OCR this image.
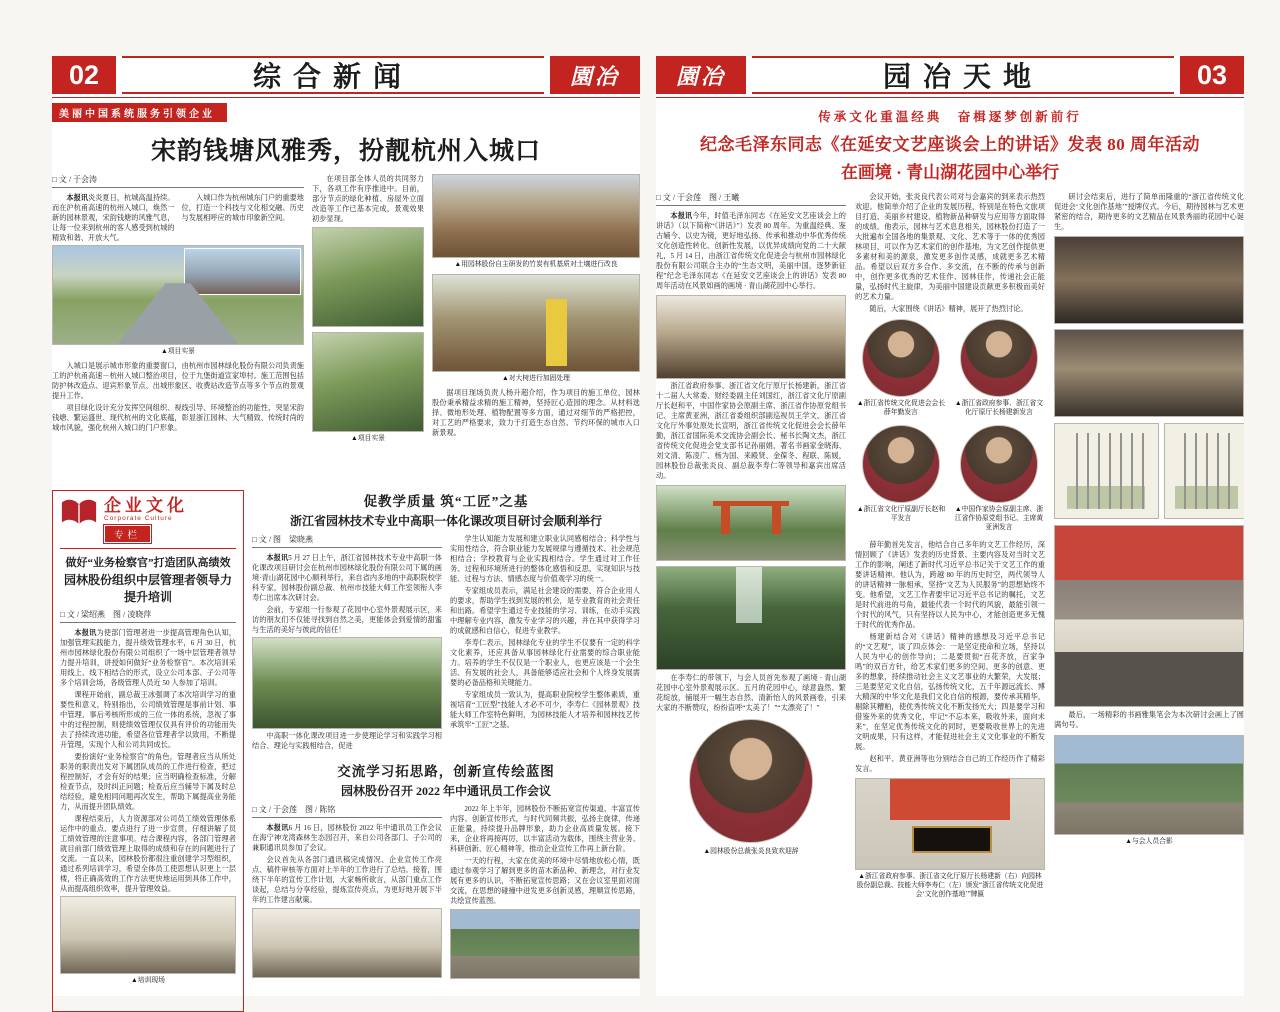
02	综合新闻	園冶
美丽中国系统服务引领企业
宋韵钱塘风雅秀，扮靓杭州入城口
□ 文 / 于会涛

本报讯炎炎夏日，杭城高温持续。而在沪杭甬高速的杭州入城口，焕然一新的园林景观，宋韵钱塘的风雅气息，让每一位来到杭州的客人感受到杭城的精致和谐、开放大气。

入城口作为杭州城东门户的重要地位，打造一个科技与文化相交融、历史与发展相呼应的城市印象新空间。

▲项目实景

入城口是展示城市形象的重要窗口，由杭州市园林绿化股份有限公司负责施工的沪杭甬高速－杭州入城口整治项目，位于九堡街道宣家埠村。施工范围包括防护林改造点、迎宾形象节点、出城形象区、收费站改造节点等多个节点的景观提升工作。

项目绿化设计充分发挥空间组织、视线引导、环境整治的功能性，突显宋韵钱塘、繁运盛世、现代杭州的文化底蕴，彰显浙江园林、大气精致、传统时尚的城市风貌，强化杭州入城口的门户形象。

在项目部全体人员的共同努力下，各项工作有序推进中。目前，部分节点的绿化种植、房屋外立面改造等工作已基本完成，景观效果初步显现。

▲项目实景
▲用园林股份自主研发的竹炭有机基质对土壤进行改良
▲对大树进行加固处理

据项目现场负责人杨升超介绍，作为项目的施工单位，园林股份秉承精益求精的施工精神，坚持匠心造园的理念。从材料选择、微地形处理、植物配置等多方面，通过对细节的严格把控，对工艺的严格要求，致力于打造生态自然、节约环保的城市入口新景观。

企业文化
Corporate Culture
专栏
做好“业务检察官”打造团队高绩效
园林股份组织中层管理者领导力提升培训
□ 文 / 梁绍燕　图 / 凌晓萍

本报讯为使部门管理者进一步提高管理角色认知，加强管理实践能力，提升绩效管理水平，6 月 30 日，杭州市园林绿化股份有限公司组织了一场中层管理者领导力提升培训，讲授如何做好“业务检察官”。本次培训采用线上、线下相结合的形式，设立公司本部、子公司等多个培训会场，各级管理人员近 50 人参加了培训。

课程开始前，副总裁王冰强调了本次培训学习的重要性和意义，特别指出，公司绩效管理是事前计划、事中管理、事后考核所形成的三位一体的系统，忽视了事中的过程控制，则使绩效管理仅仅具有评价的功能而失去了持续改进功能，希望各位管理者学以致用，不断提升管理，实现个人和公司共同成长。

要扮演好“业务检察官”的角色，管理者应当从所处职务的职责出发对下属团队成员的工作进行检查，把过程控制好，才会有好的结果；应当明确检查标准，分解检查节点，及时纠正问题；检查后应当辅导下属及时总结经验，避免相同问题再次发生，帮助下属提高业务能力，从而提升团队绩效。

课程结束后，人力资源部对公司员工绩效管理体系运作中的重点、要点进行了进一步宣贯，仔细讲解了员工绩效管理的注意事项。结合课程内容，各部门管理者就目前部门绩效管理上取得的成绩和存在的问题进行了交流。一直以来，园林股份都很注重创建学习型组织，通过系列培训学习，希望全体员工使思想认识更上一层楼，将正确高效的工作方法更快地运用到具体工作中，从而提高组织效率，提升管理效益。

▲培训现场
促教学质量 筑“工匠”之基
浙江省园林技术专业中高职一体化课改项目研讨会顺利举行
□ 文 / 图　梁晓燕

本报讯5 月 27 日上午，浙江省园林技术专业中高职一体化课改项目研讨会在杭州市园林绿化股份有限公司下属的画境·青山湖花园中心顺利举行，来自省内多地的中高职院校学科专家，园林股份副总裁、杭州市技能大师工作室领衔人李寿仁出席本次研讨会。

会前，专家组一行参观了花园中心室外景观展示区，来访的朋友们不仅能寻找到自然之美，更能体会到爱情的甜蜜与生活的美好与彼此的信任！

中高职一体化课改项目进一步使理论学习和实践学习相结合、理论与实践相结合，促进

学生认知能力发展和建立职业认同感相结合；科学性与实用性结合，符合职业能力发展规律与遵循技术、社会规范相结合；学校教育与企业实践相结合。学生通过对工作任务、过程和环境所进行的整体化感悟和反思，实现知识与技能、过程与方法、情感态度与价值观学习的统一。

专家组成员表示，满足社会建设的需要，符合企业用人的要求，帮助学生找到发展的机会，是专业教育的社会责任和出路。希望学生通过专业技能的学习、训练，在动手实践中理解专业内容，激发专业学习的兴趣，并在其中获得学习的成就感和自信心，促进专业教学。

李寿仁表示，园林绿化专业的学生不仅要有一定的科学文化素养，还应具备从事园林绿化行业需要的综合职业能力。培养的学生不仅仅是一个职业人，也更应该是一个会生活、有发展的社会人，具备能够适应社会和个人终身发展需要的必备品格和关键能力。

专家组成员一致认为，提高职业院校学生整体素质，重视培育“工匠型”技能人才必不可少，李寿仁《园林景观》技能大师工作室特色鲜明，为园林技能人才培养和园林技艺传承筑牢“工匠”之基。

交流学习拓思路，创新宣传绘蓝图
园林股份召开 2022 年中通讯员工作会议
□ 文 / 于会莲　图 / 陈铭

本报讯6 月 16 日，园林股份 2022 年中通讯员工作会议在海宁神龙湾森林生态园召开，来自公司各部门、子公司的兼职通讯员参加了会议。

会议首先从各部门通讯稿完成情况、企业宣传工作亮点、稿件审核等方面对上半年的工作进行了总结。接着，围绕下半年的宣传工作计划，大家畅所欲言，从部门重点工作谈起，总结与分享经验，提炼宣传亮点，为更好地开展下半年的工作建言献策。

2022 年上半年，园林股份不断拓宽宣传渠道、丰富宣传内容、创新宣传形式，与时代同频共振，弘扬主旋律，传递正能量，持续提升品牌形象，助力企业高质量发展。接下来，企业将再接再厉，以丰富活动为载体，围绕主营业务、科研创新、匠心精神等，推动企业宣传工作再上新台阶。

一天的行程，大家在优美的环境中尽情地放松心情，既通过参观学习了解到更多的苗木新品种、新理念，对行业发展有更多的认识，不断拓宽宣传思路；又在会议室里面对面交流，在思想的碰撞中迸发更多创新灵感，理顺宣传思路，共绘宣传蓝图。

園冶	园冶天地	03
传承文化重温经典　奋楫逐梦创新前行
纪念毛泽东同志《在延安文艺座谈会上的讲话》发表 80 周年活动
在画境 · 青山湖花园中心举行
□ 文 / 于会莲　图 / 王曦

本报讯今年，时值毛泽东同志《在延安文艺座谈会上的讲话》（以下简称“《讲话》”）发表 80 周年。为重温经典、鉴古辅今、以史为镜，更好地弘扬、传承和推动中华优秀传统文化创造性转化、创新性发展，以优异成绩向党的二十大献礼，5 月 14 日，由浙江省传统文化促进会与杭州市园林绿化股份有限公司联合主办的“生态文明，美丽中国，逐梦新征程”纪念毛泽东同志《在延安文艺座谈会上的讲话》发表 80 周年活动在风景如画的画境 · 青山湖花园中心举行。

浙江省政府参事、浙江省文化厅原厅长杨建新，浙江省十二届人大常委、财经委副主任刘国红，浙江省文化厅原副厅长赵和平，中国作家协会原副主席、浙江省作协原党组书记、主席黄亚洲，浙江省委组织部副巡视员王学文，浙江省文化厅外事处原处长宣明，浙江省传统文化促进会会长薛年勤，浙江省国际美术交流协会副会长、秘书长陶文杰，浙江省传统文化促进会党支部书记孙丽娟，著名书画家金晓海、刘文清、陈凌广、杨为国、来殿贤、金葆冬、程联、陈媛，园林股份总裁张炎良、副总裁李寿仁等领导和嘉宾出席活动。

在李寿仁的带领下，与会人员首先参观了画境 · 青山湖花园中心室外景观展示区。五月的花园中心，绿意盎然、繁花绽放，铺展开一幅生态自然、清新怡人的风景画卷，引来大家的不断赞叹，纷纷直呼“太美了！”“太漂亮了！”

▲园林股份总裁张炎良致欢迎辞

会议开始，张炎良代表公司对与会嘉宾的到来表示热烈欢迎。他简单介绍了企业的发展历程，特别是在特色文旅项目打造、美丽乡村建设、植物新品种研发与应用等方面取得的成绩。他表示，园林与艺术息息相关，园林股份打造了一大批遍布全国各地的集景观、文化、艺术等于一体的优秀园林项目，可以作为艺术家们的创作基地，为文艺创作提供更多素材和美的源泉，激发更多创作灵感，成就更多艺术精品。希望以后双方多合作、多交流，在不断的传承与创新中，创作更多优秀的艺术佳作、园林佳作，传递社会正能量，弘扬时代主旋律，为美丽中国建设贡献更多积极而美好的艺术力量。

随后，大家围绕《讲话》精神，展开了热烈讨论。

▲浙江省传统文化促进会会长薛年勤发言
▲浙江省政府参事、浙江省文化厅原厅长杨建新发言
▲浙江省文化厅原副厅长赵和平发言
▲中国作家协会原副主席、浙江省作协原党组书记、主席黄亚洲发言

薛年勤首先发言，他结合自己多年的文艺工作经历，深情回顾了《讲话》发表的历史背景、主要内容及对当时文艺工作的影响，阐述了新时代习近平总书记关于文艺工作的重要讲话精神。他认为，跨越 80 年的历史时空，两代领导人的讲话精神一脉相承，坚持“文艺为人民服务”的思想始终不变。他希望，文艺工作者要牢记习近平总书记的嘱托，文艺是时代前进的号角，最能代表一个时代的风貌，最能引领一个时代的风气，只有坚持以人民为中心，才能创造更多无愧于时代的优秀作品。

杨建新结合对《讲话》精神的感想及习近平总书记的“文艺观”，谈了四点体会：一是坚定使命和立场，坚持以人民为中心的创作导向；二是要贯彻“百花齐放，百家争鸣”的双百方针，给艺术家们更多的空间、更多的创意、更多的想象，持续推动社会主义文艺事业的大繁荣，大发展；三是要坚定文化自信，弘扬传统文化，五千年源远流长、博大精深的中华文化是我们文化自信的根源，要传承其精华，剔除其糟粕，使优秀传统文化不断发扬光大；四是要学习和借鉴外来的优秀文化，牢记“不忘本来，吸收外来，面向未来”，在坚定优秀传统文化的同时，更要吸收世界上的先进文明成果，只有这样，才能促进社会主义文化事业的不断发展。

赵和平、黄亚洲等也分别结合自己的工作经历作了精彩发言。

▲浙江省政府参事、浙江省文化厅原厅长杨建新（右）向园林股份副总裁、技能大师李寿仁（左）颁发“浙江省传统文化促进会‘文化创作基地’”牌匾

研讨会结束后，进行了简单而隆重的“浙江省传统文化促进会‘文化创作基地’”授牌仪式。今后，期待园林与艺术更紧密的结合，期待更多的文艺精品在风景秀丽的花园中心诞生。

最后，一场精彩的书画雅集笔会为本次研讨会画上了圆满句号。

▲与会人员合影
